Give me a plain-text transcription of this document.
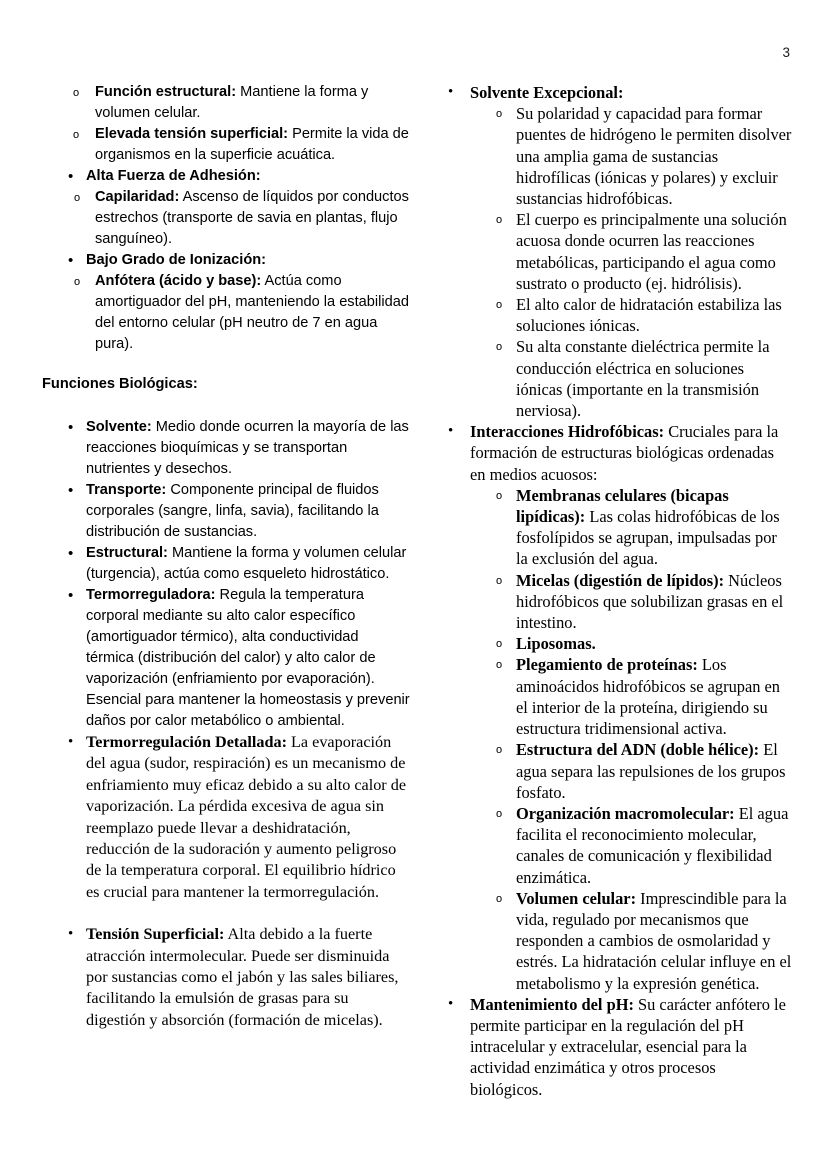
3
o Función estructural: Mantiene la forma y volumen celular.
o Elevada tensión superficial: Permite la vida de organismos en la superficie acuática.
• Alta Fuerza de Adhesión:
o Capilaridad: Ascenso de líquidos por conductos estrechos (transporte de savia en plantas, flujo sanguíneo).
• Bajo Grado de Ionización:
o Anfótera (ácido y base): Actúa como amortiguador del pH, manteniendo la estabilidad del entorno celular (pH neutro de 7 en agua pura).
Funciones Biológicas:
• Solvente: Medio donde ocurren la mayoría de las reacciones bioquímicas y se transportan nutrientes y desechos.
• Transporte: Componente principal de fluidos corporales (sangre, linfa, savia), facilitando la distribución de sustancias.
• Estructural: Mantiene la forma y volumen celular (turgencia), actúa como esqueleto hidrostático.
• Termorreguladora: Regula la temperatura corporal mediante su alto calor específico (amortiguador térmico), alta conductividad térmica (distribución del calor) y alto calor de vaporización (enfriamiento por evaporación). Esencial para mantener la homeostasis y prevenir daños por calor metabólico o ambiental.
• Termorregulación Detallada: La evaporación del agua (sudor, respiración) es un mecanismo de enfriamiento muy eficaz debido a su alto calor de vaporización. La pérdida excesiva de agua sin reemplazo puede llevar a deshidratación, reducción de la sudoración y aumento peligroso de la temperatura corporal. El equilibrio hídrico es crucial para mantener la termorregulación.
• Tensión Superficial: Alta debido a la fuerte atracción intermolecular. Puede ser disminuida por sustancias como el jabón y las sales biliares, facilitando la emulsión de grasas para su digestión y absorción (formación de micelas).
• Solvente Excepcional:
o Su polaridad y capacidad para formar puentes de hidrógeno le permiten disolver una amplia gama de sustancias hidrofílicas (iónicas y polares) y excluir sustancias hidrofóbicas.
o El cuerpo es principalmente una solución acuosa donde ocurren las reacciones metabólicas, participando el agua como sustrato o producto (ej. hidrólisis).
o El alto calor de hidratación estabiliza las soluciones iónicas.
o Su alta constante dieléctrica permite la conducción eléctrica en soluciones iónicas (importante en la transmisión nerviosa).
• Interacciones Hidrofóbicas: Cruciales para la formación de estructuras biológicas ordenadas en medios acuosos:
o Membranas celulares (bicapas lipídicas): Las colas hidrofóbicas de los fosfolípidos se agrupan, impulsadas por la exclusión del agua.
o Micelas (digestión de lípidos): Núcleos hidrofóbicos que solubilizan grasas en el intestino.
o Liposomas.
o Plegamiento de proteínas: Los aminoácidos hidrofóbicos se agrupan en el interior de la proteína, dirigiendo su estructura tridimensional activa.
o Estructura del ADN (doble hélice): El agua separa las repulsiones de los grupos fosfato.
o Organización macromolecular: El agua facilita el reconocimiento molecular, canales de comunicación y flexibilidad enzimática.
o Volumen celular: Imprescindible para la vida, regulado por mecanismos que responden a cambios de osmolaridad y estrés. La hidratación celular influye en el metabolismo y la expresión genética.
• Mantenimiento del pH: Su carácter anfótero le permite participar en la regulación del pH intracelular y extracelular, esencial para la actividad enzimática y otros procesos biológicos.
